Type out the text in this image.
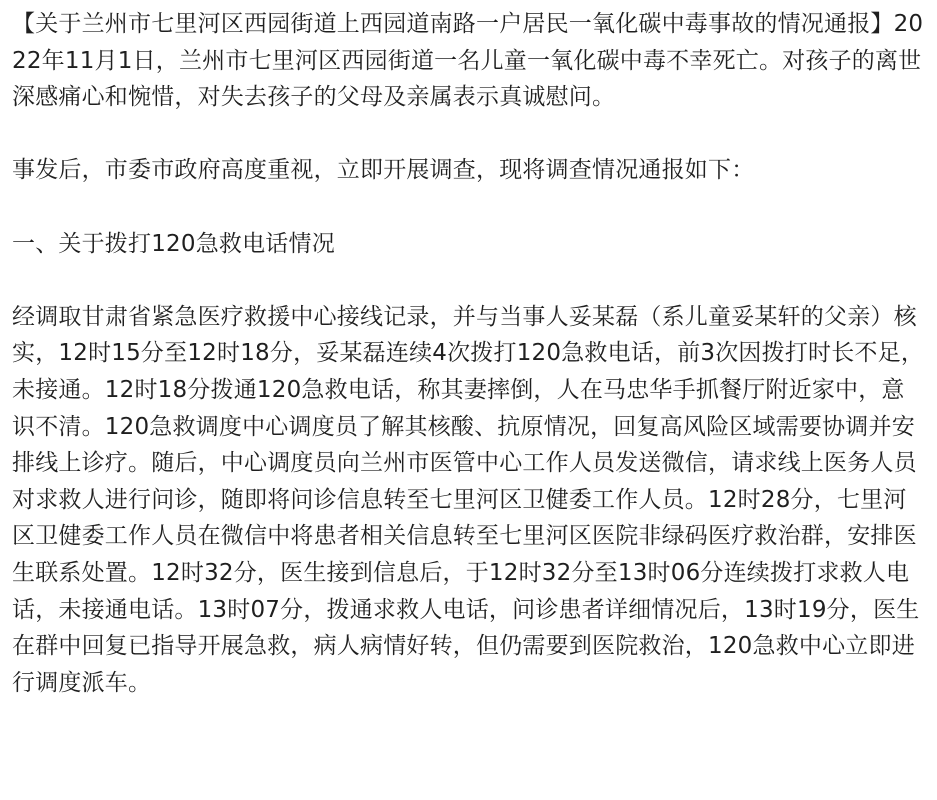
【关于兰州市七里河区西园街道上西园道南路一户居民一氧化碳中毒事故的情况通报】2022年11月1日，兰州市七里河区西园街道一名儿童一氧化碳中毒不幸死亡。对孩子的离世深感痛心和惋惜，对失去孩子的父母及亲属表示真诚慰问。

事发后，市委市政府高度重视，立即开展调查，现将调查情况通报如下：

一、关于拨打120急救电话情况

经调取甘肃省紧急医疗救援中心接线记录，并与当事人妥某磊（系儿童妥某轩的父亲）核实，12时15分至12时18分，妥某磊连续4次拨打120急救电话，前3次因拨打时长不足，未接通。12时18分拨通120急救电话，称其妻摔倒，人在马忠华手抓餐厅附近家中，意识不清。120急救调度中心调度员了解其核酸、抗原情况，回复高风险区域需要协调并安排线上诊疗。随后，中心调度员向兰州市医管中心工作人员发送微信，请求线上医务人员对求救人进行问诊，随即将问诊信息转至七里河区卫健委工作人员。12时28分，七里河区卫健委工作人员在微信中将患者相关信息转至七里河区医院非绿码医疗救治群，安排医生联系处置。12时32分，医生接到信息后，于12时32分至13时06分连续拨打求救人电话，未接通电话。13时07分，拨通求救人电话，问诊患者详细情况后，13时19分，医生在群中回复已指导开展急救，病人病情好转，但仍需要到医院救治，120急救中心立即进行调度派车。
